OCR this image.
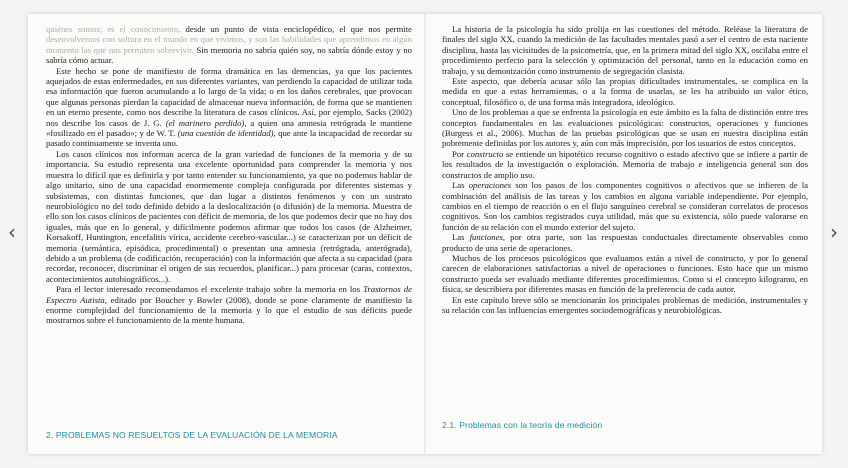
‹	›

quiénes somos; es el conocimiento, desde un punto de vista enciclopédico, el que nos permite desenvolvernos con soltura en el mundo en que vivimos, y son las habilidades que aprendimos en algún momento las que nos permiten sobrevivir. Sin memoria no sabría quién soy, no sabría dónde estoy y no sabría cómo actuar.

Este hecho se pone de manifiesto de forma dramática en las demencias, ya que los pacientes aquejados de estas enfermedades, en sus diferentes variantes, van perdiendo la capacidad de utilizar toda esa información que fueron acumulando a lo largo de la vida; o en los daños cerebrales, que provocan que algunas personas pierdan la capacidad de almacenar nueva información, de forma que se mantienen en un eterno presente, como nos describe la literatura de casos clínicos. Así, por ejemplo, Sacks (2002) nos describe los casos de J. G. (el marinero perdido), a quien una amnesia retrógrada le mantiene «fosilizado en el pasado»; y de W. T. (una cuestión de identidad), que ante la incapacidad de recordar su pasado continuamente se inventa uno.

Los casos clínicos nos informan acerca de la gran variedad de funciones de la memoria y de su importancia. Su estudio representa una excelente oportunidad para comprender la memoria y nos muestra lo difícil que es definirla y por tanto entender su funcionamiento, ya que no podemos hablar de algo unitario, sino de una capacidad enormemente compleja configurada por diferentes sistemas y subsistemas, con distintas funciones, que dan lugar a distintos fenómenos y con un sustrato neurobiológico no del todo definido debido a la deslocalización (o difusión) de la memoria. Muestra de ello son los casos clínicos de pacientes con déficit de memoria, de los que podemos decir que no hay dos iguales, más que en lo general, y difícilmente podemos afirmar que todos los casos (de Alzheimer, Korsakoff, Huntington, encefalitis vírica, accidente cerebro-vascular...) se caracterizan por un déficit de memoria (semántica, episódica, procedimental) o presentan una amnesia (retrógrada, anterógrada), debido a un problema (de codificación, recuperación) con la información que afecta a su capacidad (para recordar, reconocer, discriminar el origen de sus recuerdos, planificar...) para procesar (caras, contextos, acontecimientos autobiográficos...).

Para el lector interesado recomendamos el excelente trabajo sobre la memoria en los Trastornos de Espectro Autista, editado por Boucher y Bowler (2008), donde se pone claramente de manifiesto la enorme complejidad del funcionamiento de la memoria y lo que el estudio de sus déficits puede mostrarnos sobre el funcionamiento de la mente humana.

2. PROBLEMAS NO RESUELTOS DE LA EVALUACIÓN DE LA MEMORIA

La historia de la psicología ha sido prolija en las cuestiones del método. Reléase la literatura de finales del siglo XX, cuando la medición de las facultades mentales pasó a ser el centro de esta naciente disciplina, hasta las vicisitudes de la psicometría, que, en la primera mitad del siglo XX, oscilaba entre el procedimiento perfecto para la selección y optimización del personal, tanto en la educación como en trabajo, y su demonización como instrumento de segregación clasista.

Este aspecto, que debería acusar sólo las propias dificultades instrumentales, se complica en la medida en que a estas herramientas, o a la forma de usarlas, se les ha atribuido un valor ético, conceptual, filosófico o, de una forma más integradora, ideológico.

Uno de los problemas a que se enfrenta la psicología en este ámbito es la falta de distinción entre tres conceptos fundamentales en las evaluaciones psicológicas: constructos, operaciones y funciones (Burgess et al., 2006). Muchas de las pruebas psicológicas que se usan en nuestra disciplina están pobremente definidas por los autores y, aún con más imprecisión, por los usuarios de estos conceptos.

Por constructo se entiende un hipotético recurso cognitivo o estado afectivo que se infiere a partir de los resultados de la investigación o exploración. Memoria de trabajo e inteligencia general son dos constructos de amplio uso.

Las operaciones son los pasos de los componentes cognitivos o afectivos que se infieren de la combinación del análisis de las tareas y los cambios en alguna variable independiente. Por ejemplo, cambios en el tiempo de reacción o en el flujo sanguíneo cerebral se consideran correlatos de procesos cognitivos. Son los cambios registrados cuya utilidad, más que su existencia, sólo puede valorarse en función de su relación con el mundo exterior del sujeto.

Las funciones, por otra parte, son las respuestas conductuales directamente observables como producto de una serie de operaciones.

Muchos de los procesos psicológicos que evaluamos están a nivel de constructo, y por lo general carecen de elaboraciones satisfactorias a nivel de operaciones o funciones. Esto hace que un mismo constructo pueda ser evaluado mediante diferentes procedimientos. Como si el concepto kilogramo, en física, se describiera por diferentes masas en función de la preferencia de cada autor.

En este capítulo breve sólo se mencionarán los principales problemas de medición, instrumentales y su relación con las influencias emergentes sociodemográficas y neurobiológicas.

2.1. Problemas con la teoría de medición
